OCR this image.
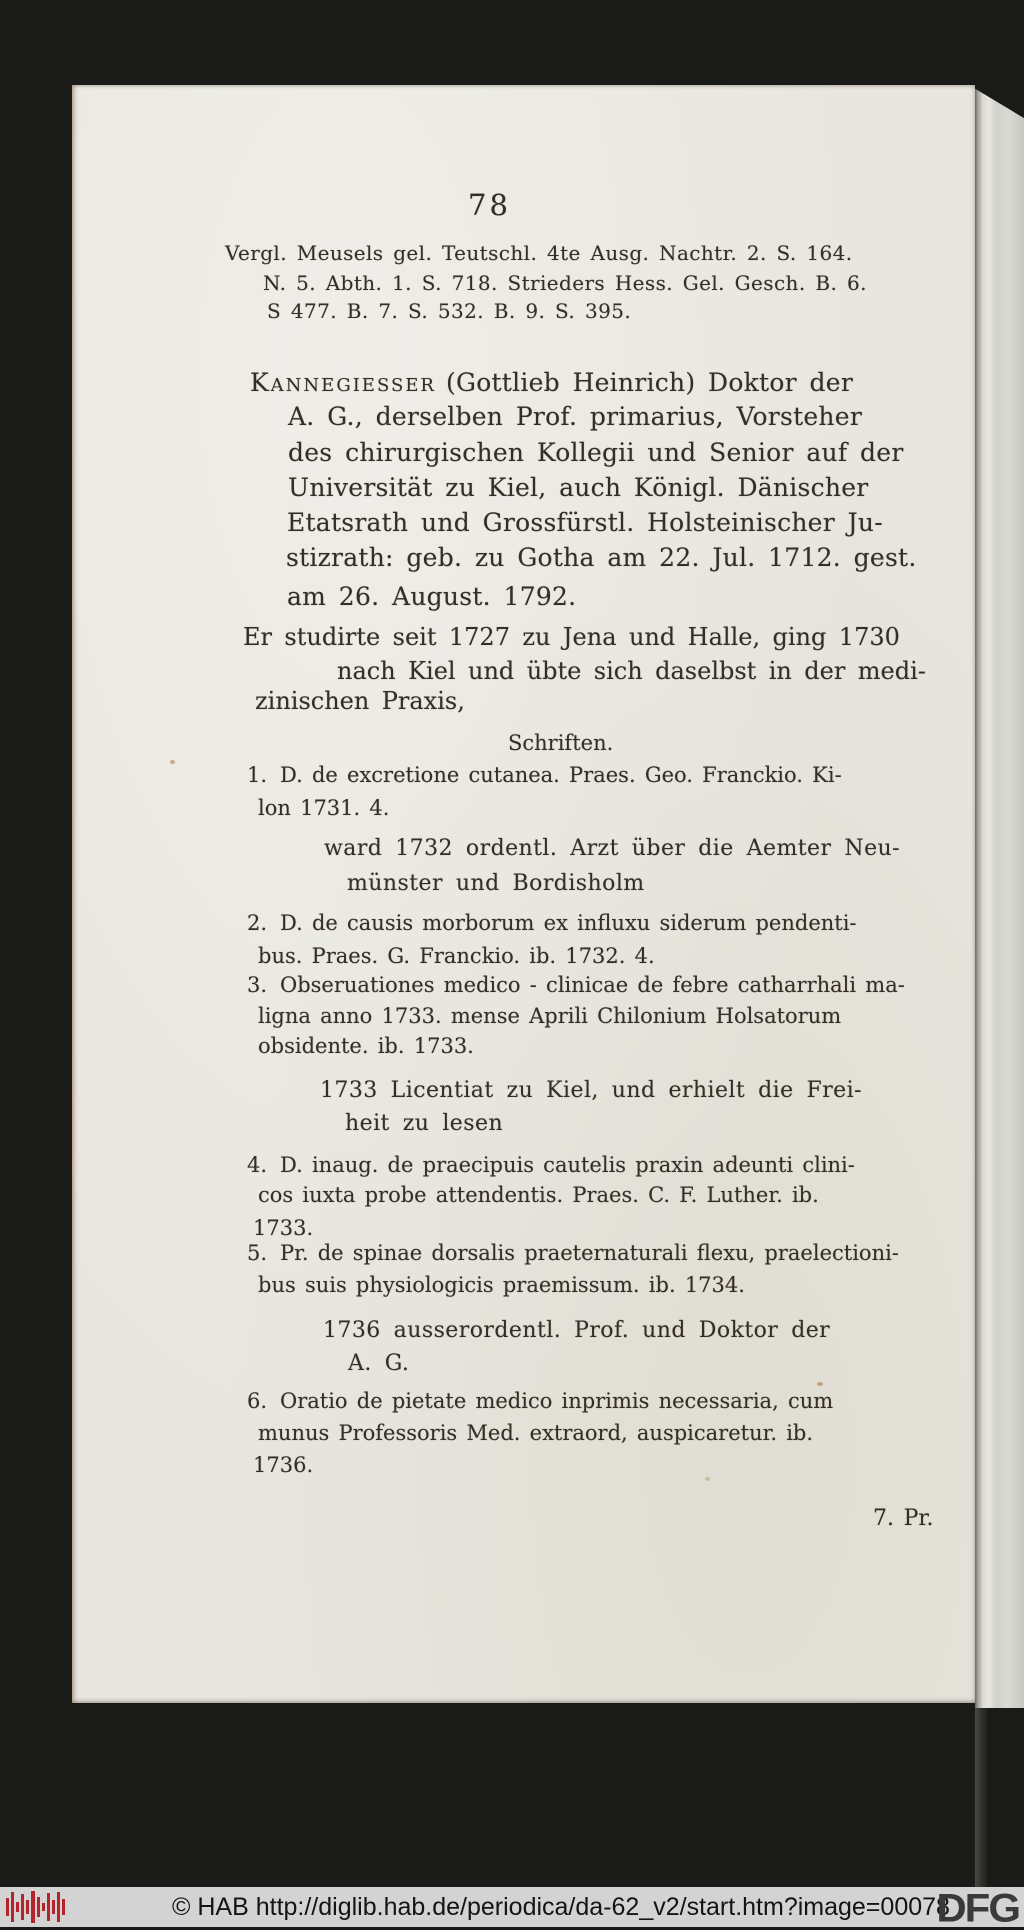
78
Vergl. Meusels gel. Teutschl. 4te Ausg. Nachtr. 2. S. 164.
N. 5. Abth. 1. S. 718. Strieders Hess. Gel. Gesch. B. 6.
S 477. B. 7. S. 532. B. 9. S. 395.
Kannegiesser (Gottlieb Heinrich) Doktor der
A. G., derselben Prof. primarius, Vorsteher
des chirurgischen Kollegii und Senior auf der
Universität zu Kiel, auch Königl. Dänischer
Etatsrath und Grossfürstl. Holsteinischer Ju-
stizrath: geb. zu Gotha am 22. Jul. 1712. gest.
am 26. August. 1792.
Er studirte seit 1727 zu Jena und Halle, ging 1730
nach Kiel und übte sich daselbst in der medi-
zinischen Praxis,
Schriften.
1. D. de excretione cutanea. Praes. Geo. Franckio. Ki-
lon 1731. 4.
ward 1732 ordentl. Arzt über die Aemter Neu-
münster und Bordisholm
2. D. de causis morborum ex influxu siderum pendenti-
bus. Praes. G. Franckio. ib. 1732. 4.
3. Obseruationes medico - clinicae de febre catharrhali ma-
ligna anno 1733. mense Aprili Chilonium Holsatorum
obsidente. ib. 1733.
1733 Licentiat zu Kiel, und erhielt die Frei-
heit zu lesen
4. D. inaug. de praecipuis cautelis praxin adeunti clini-
cos iuxta probe attendentis. Praes. C. F. Luther. ib.
1733.
5. Pr. de spinae dorsalis praeternaturali flexu, praelectioni-
bus suis physiologicis praemissum. ib. 1734.
1736 ausserordentl. Prof. und Doktor der
A. G.
6. Oratio de pietate medico inprimis necessaria, cum
munus Professoris Med. extraord, auspicaretur. ib.
1736.
7. Pr.
© HAB http://diglib.hab.de/periodica/da-62_v2/start.htm?image=00078
DFG
